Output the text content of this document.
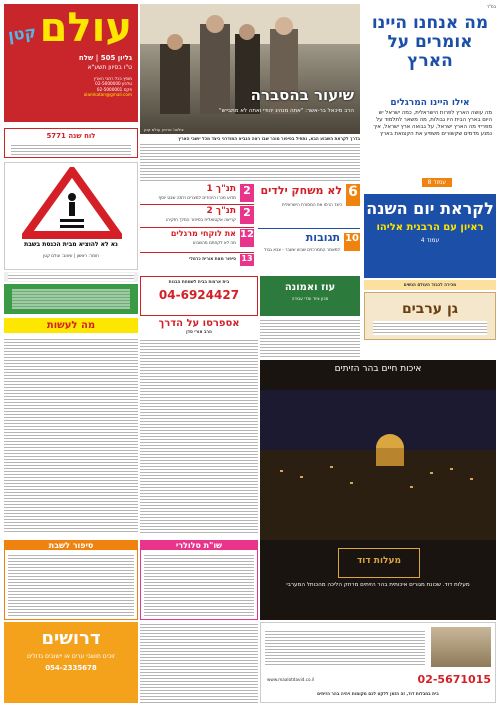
עולם
קטן
גליון 505 | שלח
ט"ו בסיוון תשע"א
מופץ בכל רחבי הארץ
טלפון 02-5000000
פקס 02-5000001
olamkatan@gmail.com
לוח שנה 5771
נא לא להוציא מבית הכנסת בשבת
חומר: ראשון | עיצוב: עולם קטן
שיעור בהסברה
הרב מיכאל בר-אשר: "אתה מנהיג יהודי ואתה לא מתבייש"
צילום: ארכיון עולם קטן
בדרך לקראת השבוע הבא, נתחיל בסיפור מוכר שבו ראה הנביא המודרני כיצד מכל יושבי הארץ
2
תנ"ך 1
מדוע מכרו היהודים למצרים ולמה שבט יוסף
2
תנ"ך 2
קריאה אקטואלית בסיפור המלך חזקיהו
12
את לוקחי מרגלים
מה לא לקחתם מהשבוע
13
סיפור מאת אורית כרמלי
6
לא משחק ילדים
כיצד הרסו את המסורת הישראלית
10
תגובות
למאמר הממרכזים שבוע שעבר - צבא גבול
בס"ד
מה אנחנו היינו אומרים על הארץ
אילו היינו המרגלים
מה עושה הארץ לפרות הישראלית, כמה ישראל יש היום בארץ הבית היו גבולות, מה משאר לתלמוד על מפריזי מה הארץ ישראל, על גבואה ארץ ישראל, איך נמנע מדמים שקשורים משפיע את הקצואת בארץ
עמוד 8
לקראת יום השנה
ראיון עם הרבנית אליהו
עמוד 4
מכירה לכבוד העולם הנשים
בית ארצות בבית לשמחת הבנות
04-6924427
עוז ואמונה
מכון ציוד ומדי עבודה
גן ערבים
מה לעשות	אספרסו על הדרך
הרב אורי סדן
איכות חיים בהר הזיתים
מעלות דוד
מעלות דוד. שכונת מגורים איכותית בהר הזיתים מרחק הליכה מהכותל המערבי
סיפור לשבת	שו"ת סלולרי
דרושים
זוכים תושבי ערים או יישובים גדולים
054-2335678
02-5671015
www.maalotdavid.co.il
בית בחבלות דוד, זה הזמן ללקט לכם מקומות ויהיה בהר הזיתים
